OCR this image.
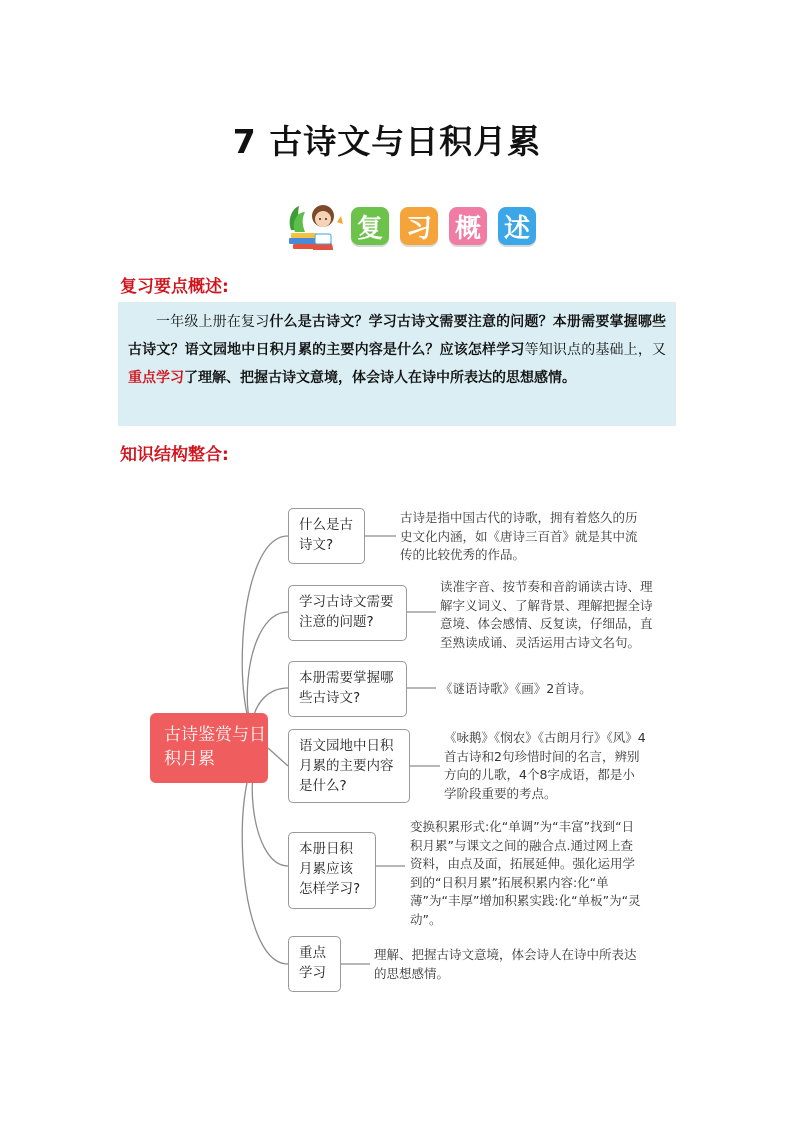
7 古诗文与日积月累
复 习 概 述
复习要点概述:
一年级上册在复习什么是古诗文？学习古诗文需要注意的问题？本册需要掌握哪些古诗文？语文园地中日积月累的主要内容是什么？应该怎样学习等知识点的基础上，又重点学习了理解、把握古诗文意境，体会诗人在诗中所表达的思想感情。
知识结构整合:
古诗鉴赏与日积月累
什么是古诗文?
古诗是指中国古代的诗歌，拥有着悠久的历史文化内涵，如《唐诗三百首》就是其中流传的比较优秀的作品。
学习古诗文需要注意的问题?
读准字音、按节奏和音韵诵读古诗、理解字义词义、了解背景、理解把握全诗意境、体会感情、反复读，仔细品，直至熟读成诵、灵活运用古诗文名句。
本册需要掌握哪些古诗文?
《谜语诗歌》《画》2首诗。
语文园地中日积月累的主要内容是什么?
《咏鹅》《悯农》《古朗月行》《风》4首古诗和2句珍惜时间的名言，辨别方向的儿歌，4个8字成语，都是小学阶段重要的考点。
本册日积月累应该怎样学习?
变换积累形式:化“单调”为“丰富”找到“日积月累”与课文之间的融合点.通过网上查资料，由点及面，拓展延伸。强化运用学到的“日积月累”拓展积累内容:化“单薄”为“丰厚”增加积累实践:化“单板”为“灵动”。
重点学习
理解、把握古诗文意境，体会诗人在诗中所表达的思想感情。
